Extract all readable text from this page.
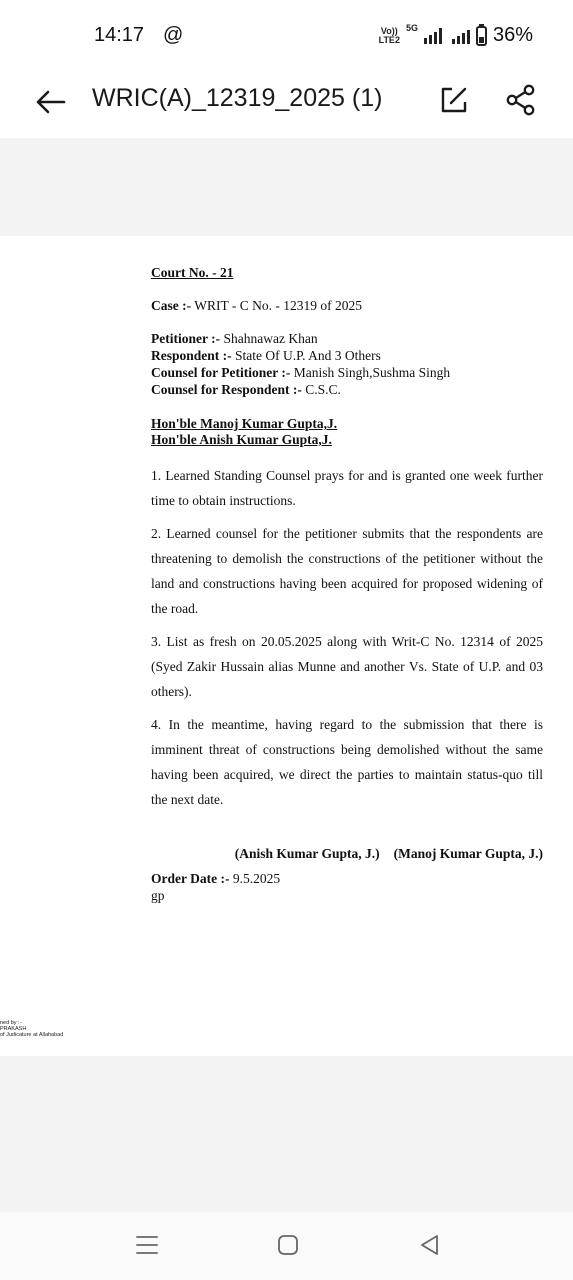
14:17 @	Vo))
LTE2
5G	36%
WRIC(A)_12319_2025 (1)
Court No. - 21
Case :- WRIT - C No. - 12319 of 2025
Petitioner :- Shahnawaz Khan
Respondent :- State Of U.P. And 3 Others
Counsel for Petitioner :- Manish Singh,Sushma Singh
Counsel for Respondent :- C.S.C.
Hon'ble Manoj Kumar Gupta,J.
Hon'ble Anish Kumar Gupta,J.
1. Learned Standing Counsel prays for and is granted one week further time to obtain instructions.
2. Learned counsel for the petitioner submits that the respondents are threatening to demolish the constructions of the petitioner without the land and constructions having been acquired for proposed widening of the road.
3. List as fresh on 20.05.2025 along with Writ-C No. 12314 of 2025 (Syed Zakir Hussain alias Munne and another Vs. State of U.P. and 03 others).
4. In the meantime, having regard to the submission that there is imminent threat of constructions being demolished without the same having been acquired, we direct the parties to maintain status-quo till the next date.
(Anish Kumar Gupta, J.) (Manoj Kumar Gupta, J.)
Order Date :- 9.5.2025
gp
ned by :-
PRAKASH
of Judicature at Allahabad
